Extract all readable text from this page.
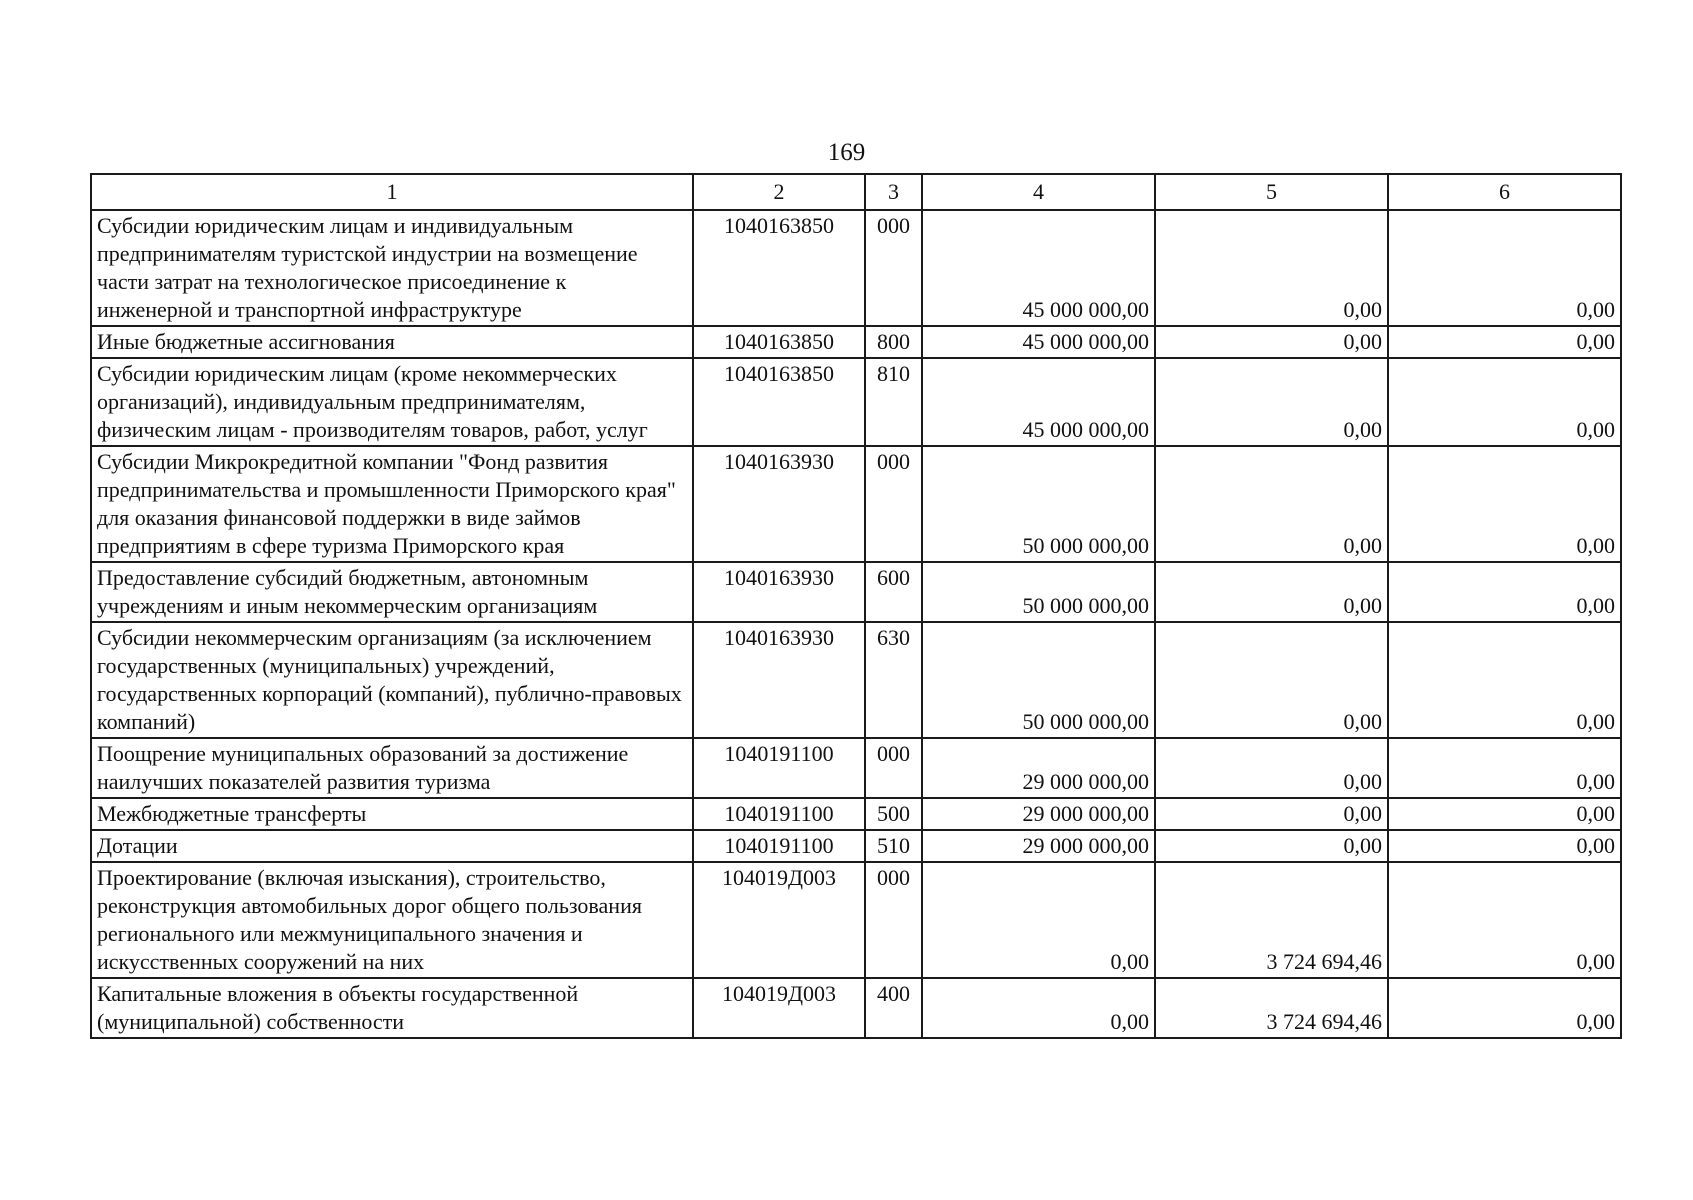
169
1	2	3	4	5	6
Субсидии юридическим лицам и индивидуальным предпринимателям туристской индустрии на возмещение части затрат на технологическое присоединение к инженерной и транспортной инфраструктуре	1040163850	000	45 000 000,00	0,00	0,00
Иные бюджетные ассигнования	1040163850	800	45 000 000,00	0,00	0,00
Субсидии юридическим лицам (кроме некоммерческих организаций), индивидуальным предпринимателям, физическим лицам - производителям товаров, работ, услуг	1040163850	810	45 000 000,00	0,00	0,00
Субсидии Микрокредитной компании "Фонд развития предпринимательства и промышленности Приморского края" для оказания финансовой поддержки в виде займов предприятиям в сфере туризма Приморского края	1040163930	000	50 000 000,00	0,00	0,00
Предоставление субсидий бюджетным, автономным учреждениям и иным некоммерческим организациям	1040163930	600	50 000 000,00	0,00	0,00
Субсидии некоммерческим организациям (за исключением государственных (муниципальных) учреждений, государственных корпораций (компаний), публично-правовых компаний)	1040163930	630	50 000 000,00	0,00	0,00
Поощрение муниципальных образований за достижение наилучших показателей развития туризма	1040191100	000	29 000 000,00	0,00	0,00
Межбюджетные трансферты	1040191100	500	29 000 000,00	0,00	0,00
Дотации	1040191100	510	29 000 000,00	0,00	0,00
Проектирование (включая изыскания), строительство, реконструкция автомобильных дорог общего пользования регионального или межмуниципального значения и искусственных сооружений на них	104019Д003	000	0,00	3 724 694,46	0,00
Капитальные вложения в объекты государственной (муниципальной) собственности	104019Д003	400	0,00	3 724 694,46	0,00
